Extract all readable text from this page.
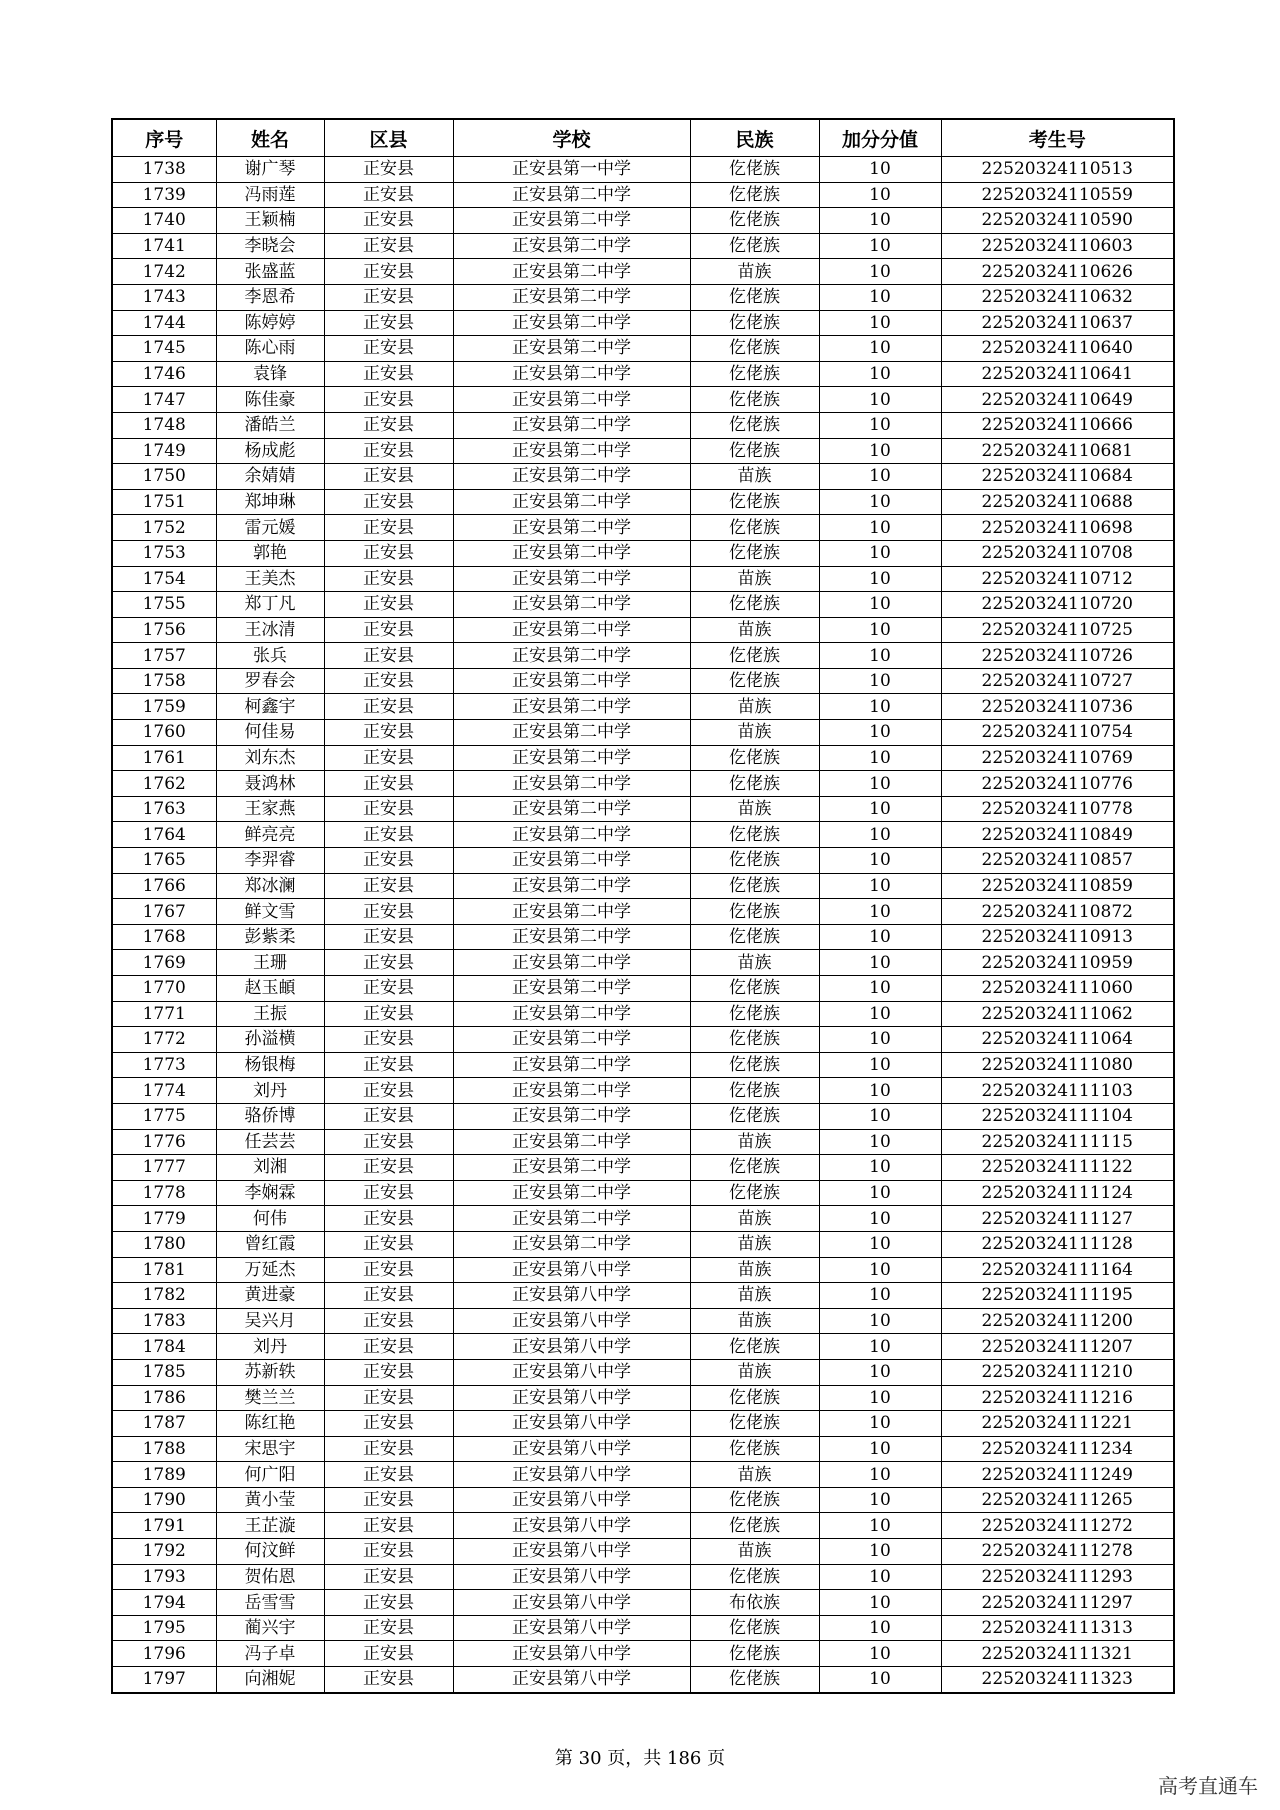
序号	姓名	区县	学校	民族	加分分值	考生号
1738	谢广琴	正安县	正安县第一中学	仡佬族	10	22520324110513
1739	冯雨莲	正安县	正安县第二中学	仡佬族	10	22520324110559
1740	王颖楠	正安县	正安县第二中学	仡佬族	10	22520324110590
1741	李晓会	正安县	正安县第二中学	仡佬族	10	22520324110603
1742	张盛蓝	正安县	正安县第二中学	苗族	10	22520324110626
1743	李恩希	正安县	正安县第二中学	仡佬族	10	22520324110632
1744	陈婷婷	正安县	正安县第二中学	仡佬族	10	22520324110637
1745	陈心雨	正安县	正安县第二中学	仡佬族	10	22520324110640
1746	袁锋	正安县	正安县第二中学	仡佬族	10	22520324110641
1747	陈佳豪	正安县	正安县第二中学	仡佬族	10	22520324110649
1748	潘皓兰	正安县	正安县第二中学	仡佬族	10	22520324110666
1749	杨成彪	正安县	正安县第二中学	仡佬族	10	22520324110681
1750	余婧婧	正安县	正安县第二中学	苗族	10	22520324110684
1751	郑坤琳	正安县	正安县第二中学	仡佬族	10	22520324110688
1752	雷元媛	正安县	正安县第二中学	仡佬族	10	22520324110698
1753	郭艳	正安县	正安县第二中学	仡佬族	10	22520324110708
1754	王美杰	正安县	正安县第二中学	苗族	10	22520324110712
1755	郑丁凡	正安县	正安县第二中学	仡佬族	10	22520324110720
1756	王冰清	正安县	正安县第二中学	苗族	10	22520324110725
1757	张兵	正安县	正安县第二中学	仡佬族	10	22520324110726
1758	罗春会	正安县	正安县第二中学	仡佬族	10	22520324110727
1759	柯鑫宇	正安县	正安县第二中学	苗族	10	22520324110736
1760	何佳易	正安县	正安县第二中学	苗族	10	22520324110754
1761	刘东杰	正安县	正安县第二中学	仡佬族	10	22520324110769
1762	聂鸿林	正安县	正安县第二中学	仡佬族	10	22520324110776
1763	王家燕	正安县	正安县第二中学	苗族	10	22520324110778
1764	鲜亮亮	正安县	正安县第二中学	仡佬族	10	22520324110849
1765	李羿睿	正安县	正安县第二中学	仡佬族	10	22520324110857
1766	郑冰澜	正安县	正安县第二中学	仡佬族	10	22520324110859
1767	鲜文雪	正安县	正安县第二中学	仡佬族	10	22520324110872
1768	彭紫柔	正安县	正安县第二中学	仡佬族	10	22520324110913
1769	王珊	正安县	正安县第二中学	苗族	10	22520324110959
1770	赵玉頔	正安县	正安县第二中学	仡佬族	10	22520324111060
1771	王振	正安县	正安县第二中学	仡佬族	10	22520324111062
1772	孙溢横	正安县	正安县第二中学	仡佬族	10	22520324111064
1773	杨银梅	正安县	正安县第二中学	仡佬族	10	22520324111080
1774	刘丹	正安县	正安县第二中学	仡佬族	10	22520324111103
1775	骆侨博	正安县	正安县第二中学	仡佬族	10	22520324111104
1776	任芸芸	正安县	正安县第二中学	苗族	10	22520324111115
1777	刘湘	正安县	正安县第二中学	仡佬族	10	22520324111122
1778	李娴霖	正安县	正安县第二中学	仡佬族	10	22520324111124
1779	何伟	正安县	正安县第二中学	苗族	10	22520324111127
1780	曾红霞	正安县	正安县第二中学	苗族	10	22520324111128
1781	万延杰	正安县	正安县第八中学	苗族	10	22520324111164
1782	黄进豪	正安县	正安县第八中学	苗族	10	22520324111195
1783	吴兴月	正安县	正安县第八中学	苗族	10	22520324111200
1784	刘丹	正安县	正安县第八中学	仡佬族	10	22520324111207
1785	苏新轶	正安县	正安县第八中学	苗族	10	22520324111210
1786	樊兰兰	正安县	正安县第八中学	仡佬族	10	22520324111216
1787	陈红艳	正安县	正安县第八中学	仡佬族	10	22520324111221
1788	宋思宇	正安县	正安县第八中学	仡佬族	10	22520324111234
1789	何广阳	正安县	正安县第八中学	苗族	10	22520324111249
1790	黄小莹	正安县	正安县第八中学	仡佬族	10	22520324111265
1791	王芷漩	正安县	正安县第八中学	仡佬族	10	22520324111272
1792	何汶鲜	正安县	正安县第八中学	苗族	10	22520324111278
1793	贺佑恩	正安县	正安县第八中学	仡佬族	10	22520324111293
1794	岳雪雪	正安县	正安县第八中学	布依族	10	22520324111297
1795	蔺兴宇	正安县	正安县第八中学	仡佬族	10	22520324111313
1796	冯子卓	正安县	正安县第八中学	仡佬族	10	22520324111321
1797	向湘妮	正安县	正安县第八中学	仡佬族	10	22520324111323
第 30 页，共 186 页
高考直通车
